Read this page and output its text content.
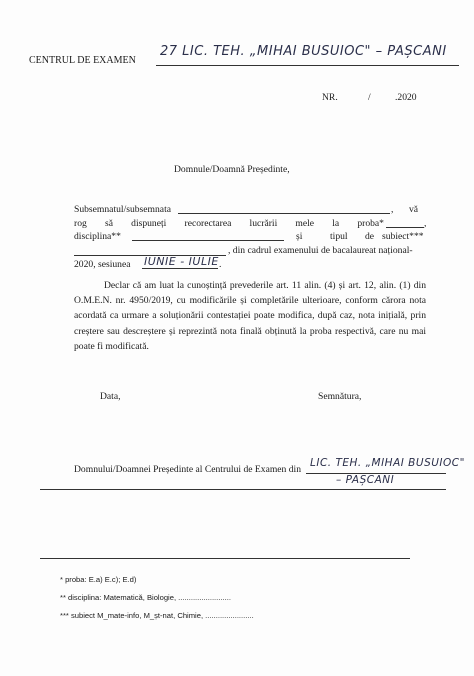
CENTRUL DE EXAMEN
27 LIC. TEH. „MIHAI BUSUIOC" – PAȘCANI
NR.	/	.2020
Domnule/Doamnă Președinte,
Subsemnatul/subsemnata	, vă
rog să dispuneți recorectarea lucrării mele la proba*	,
disciplina**	și	tipul de subiect***
, din cadrul examenului de bacalaureat național-
2020, sesiunea IUNIE - IULIE .
Declar că am luat la cunoștință prevederile art. 11 alin. (4) și art. 12, alin. (1) din O.M.E.N. nr. 4950/2019, cu modificările și completările ulterioare, conform cărora nota acordată ca urmare a soluționării contestației poate modifica, după caz, nota inițială, prin creștere sau descreștere și reprezintă nota finală obținută la proba respectivă, care nu mai poate fi modificată.
Data,	Semnătura,
Domnului/Doamnei Președinte al Centrului de Examen din
LIC. TEH. „MIHAI BUSUIOC"
– PAȘCANI
* proba: E.a) E.c); E.d)
** disciplina: Matematică, Biologie, .........................
*** subiect M_mate-info, M_șt-nat, Chimie, .......................
